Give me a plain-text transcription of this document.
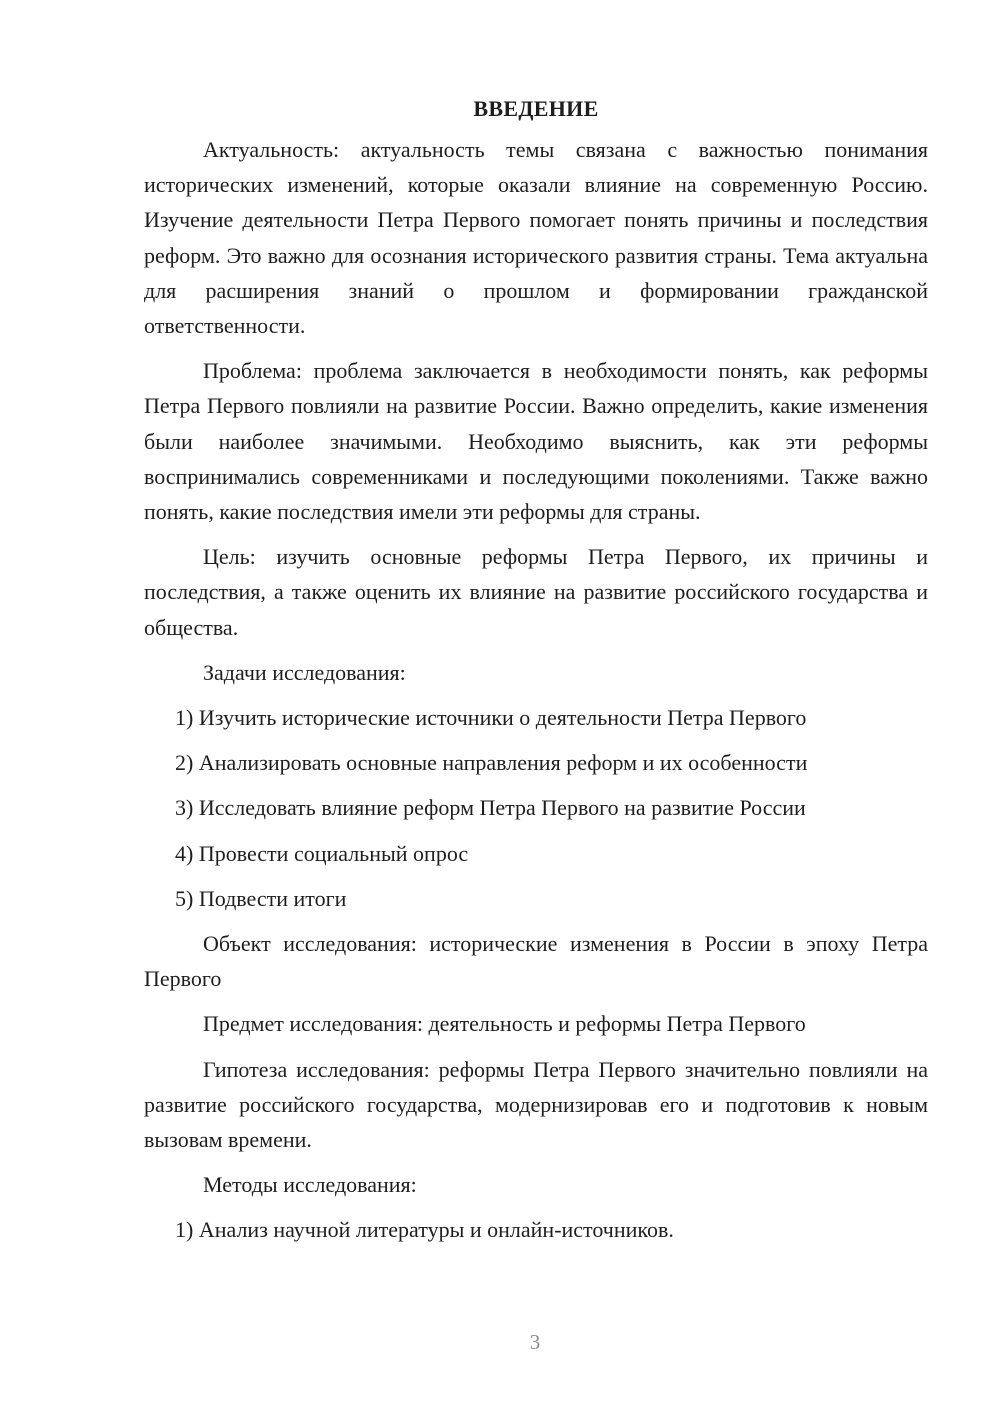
ВВЕДЕНИЕ

Актуальность: актуальность темы связана с важностью понимания исторических изменений, которые оказали влияние на современную Россию. Изучение деятельности Петра Первого помогает понять причины и последствия реформ. Это важно для осознания исторического развития страны. Тема актуальна для расширения знаний о прошлом и формировании гражданской ответственности.

Проблема: проблема заключается в необходимости понять, как реформы Петра Первого повлияли на развитие России. Важно определить, какие изменения были наиболее значимыми. Необходимо выяснить, как эти реформы воспринимались современниками и последующими поколениями. Также важно понять, какие последствия имели эти реформы для страны.

Цель: изучить основные реформы Петра Первого, их причины и последствия, а также оценить их влияние на развитие российского государства и общества.

Задачи исследования:

1) Изучить исторические источники о деятельности Петра Первого
2) Анализировать основные направления реформ и их особенности
3) Исследовать влияние реформ Петра Первого на развитие России
4) Провести социальный опрос
5) Подвести итоги

Объект исследования: исторические изменения в России в эпоху Петра Первого

Предмет исследования: деятельность и реформы Петра Первого

Гипотеза исследования: реформы Петра Первого значительно повлияли на развитие российского государства, модернизировав его и подготовив к новым вызовам времени.

Методы исследования:

1) Анализ научной литературы и онлайн-источников.
3
